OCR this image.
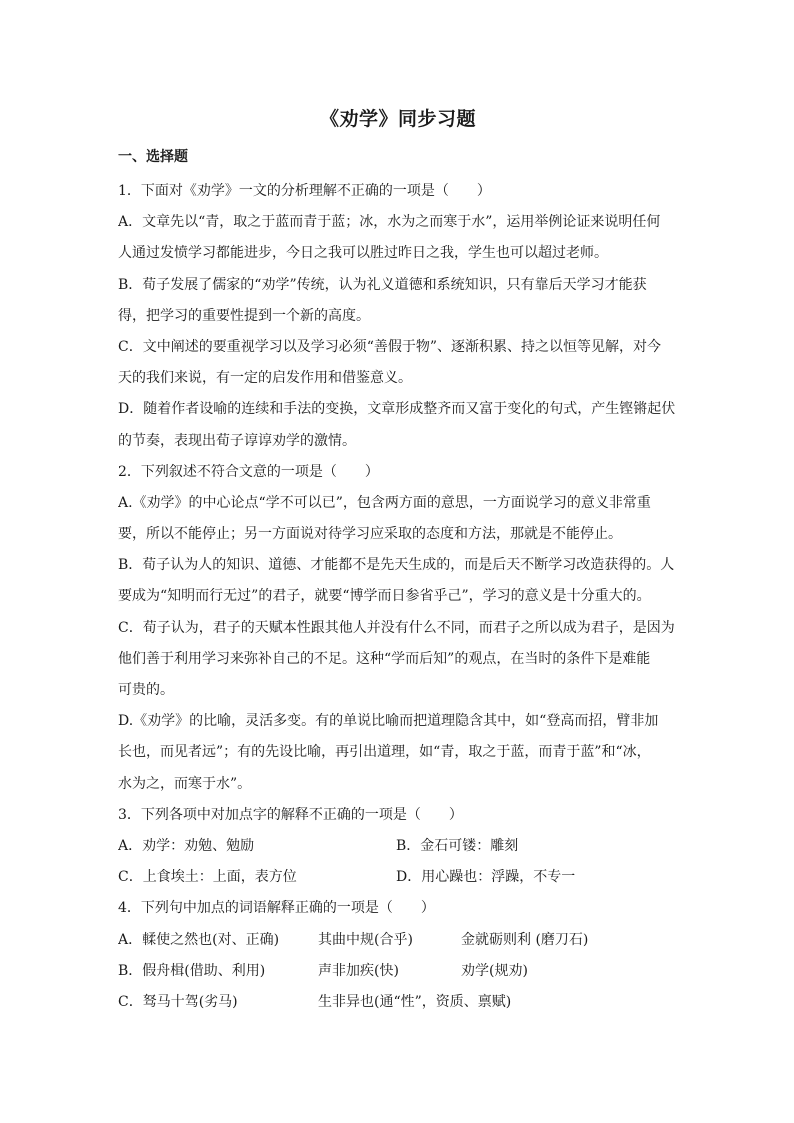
《劝学》同步习题
一、选择题
1．下面对《劝学》一文的分析理解不正确的一项是（　　）
A．文章先以“青，取之于蓝而青于蓝；冰，水为之而寒于水”，运用举例论证来说明任何
人通过发愤学习都能进步，今日之我可以胜过昨日之我，学生也可以超过老师。
B．荀子发展了儒家的“劝学”传统，认为礼义道德和系统知识，只有靠后天学习才能获
得，把学习的重要性提到一个新的高度。
C．文中阐述的要重视学习以及学习必须“善假于物”、逐渐积累、持之以恒等见解，对今
天的我们来说，有一定的启发作用和借鉴意义。
D．随着作者设喻的连续和手法的变换，文章形成整齐而又富于变化的句式，产生铿锵起伏
的节奏，表现出荀子谆谆劝学的激情。
2．下列叙述不符合文意的一项是（　　）
A.《劝学》的中心论点“学不可以已”，包含两方面的意思，一方面说学习的意义非常重
要，所以不能停止；另一方面说对待学习应采取的态度和方法，那就是不能停止。
B．荀子认为人的知识、道德、才能都不是先天生成的，而是后天不断学习改造获得的。人
要成为“知明而行无过”的君子，就要“博学而日参省乎己”，学习的意义是十分重大的。
C．荀子认为，君子的天赋本性跟其他人并没有什么不同，而君子之所以成为君子，是因为
他们善于利用学习来弥补自己的不足。这种“学而后知”的观点，在当时的条件下是难能
可贵的。
D.《劝学》的比喻，灵活多变。有的单说比喻而把道理隐含其中，如“登高而招，臂非加
长也，而见者远”；有的先设比喻，再引出道理，如“青，取之于蓝，而青于蓝”和“冰，
水为之，而寒于水”。
3．下列各项中对加点字的解释不正确的一项是（　　）
A．劝学：劝勉、勉励	B．金石可镂：雕刻
C．上食埃土：上面，表方位	D．用心躁也：浮躁，不专一
4．下列句中加点的词语解释正确的一项是（　　）
A．輮使之然也(对、正确)	其曲中规(合乎)	金就砺则利 (磨刀石)
B．假舟楫(借助、利用)	声非加疾(快)	劝学(规劝)
C．驽马十驾(劣马)	生非异也(通“性”，资质、禀赋)
